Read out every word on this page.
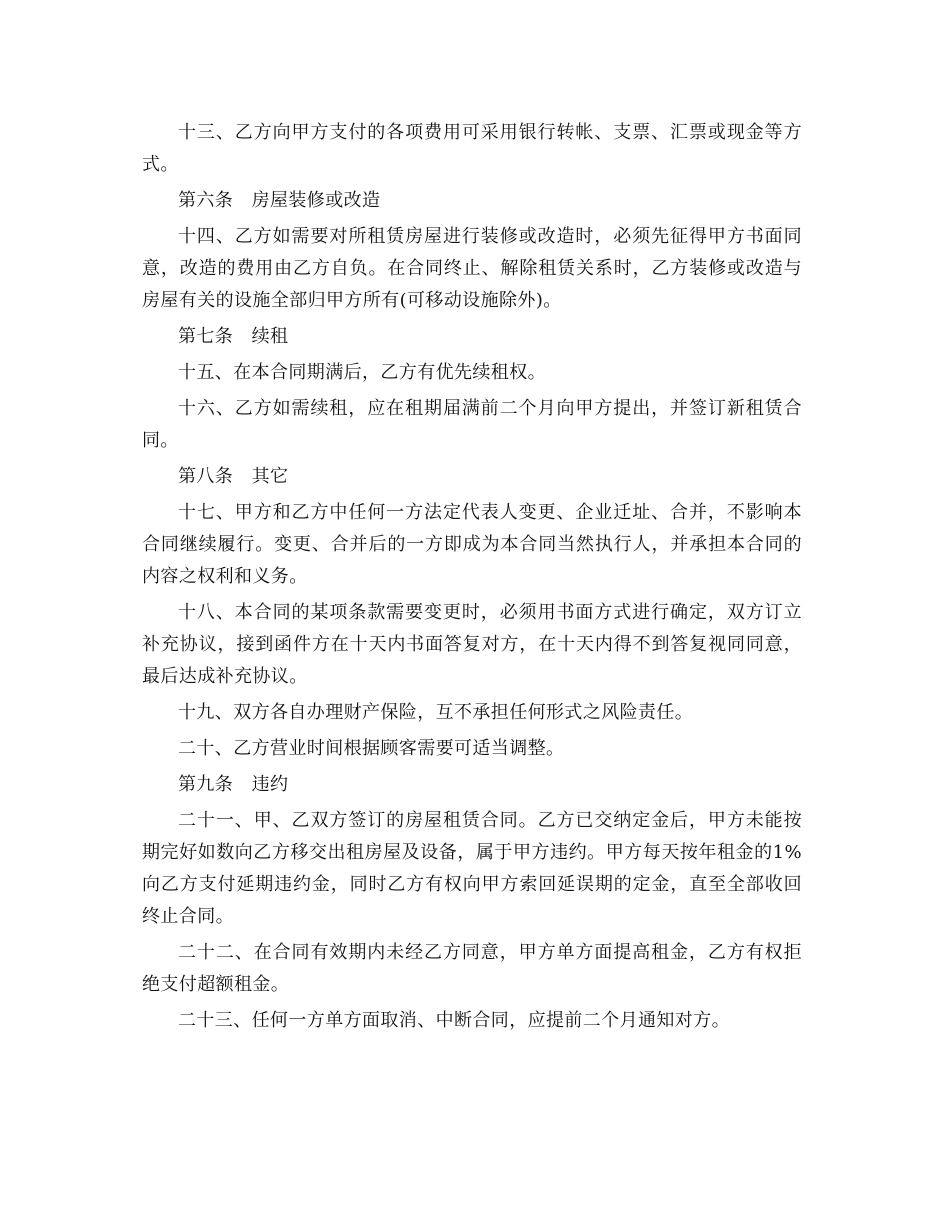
十三、乙方向甲方支付的各项费用可采用银行转帐、支票、汇票或现金等方式。

第六条　房屋装修或改造

十四、乙方如需要对所租赁房屋进行装修或改造时，必须先征得甲方书面同意，改造的费用由乙方自负。在合同终止、解除租赁关系时，乙方装修或改造与房屋有关的设施全部归甲方所有(可移动设施除外)。

第七条　续租

十五、在本合同期满后，乙方有优先续租权。

十六、乙方如需续租，应在租期届满前二个月向甲方提出，并签订新租赁合同。

第八条　其它

十七、甲方和乙方中任何一方法定代表人变更、企业迁址、合并，不影响本合同继续履行。变更、合并后的一方即成为本合同当然执行人，并承担本合同的内容之权利和义务。

十八、本合同的某项条款需要变更时，必须用书面方式进行确定，双方订立补充协议，接到函件方在十天内书面答复对方，在十天内得不到答复视同同意，最后达成补充协议。

十九、双方各自办理财产保险，互不承担任何形式之风险责任。

二十、乙方营业时间根据顾客需要可适当调整。

第九条　违约

二十一、甲、乙双方签订的房屋租赁合同。乙方已交纳定金后，甲方未能按期完好如数向乙方移交出租房屋及设备，属于甲方违约。甲方每天按年租金的1%向乙方支付延期违约金，同时乙方有权向甲方索回延误期的定金，直至全部收回终止合同。

二十二、在合同有效期内未经乙方同意，甲方单方面提高租金，乙方有权拒绝支付超额租金。

二十三、任何一方单方面取消、中断合同，应提前二个月通知对方。
